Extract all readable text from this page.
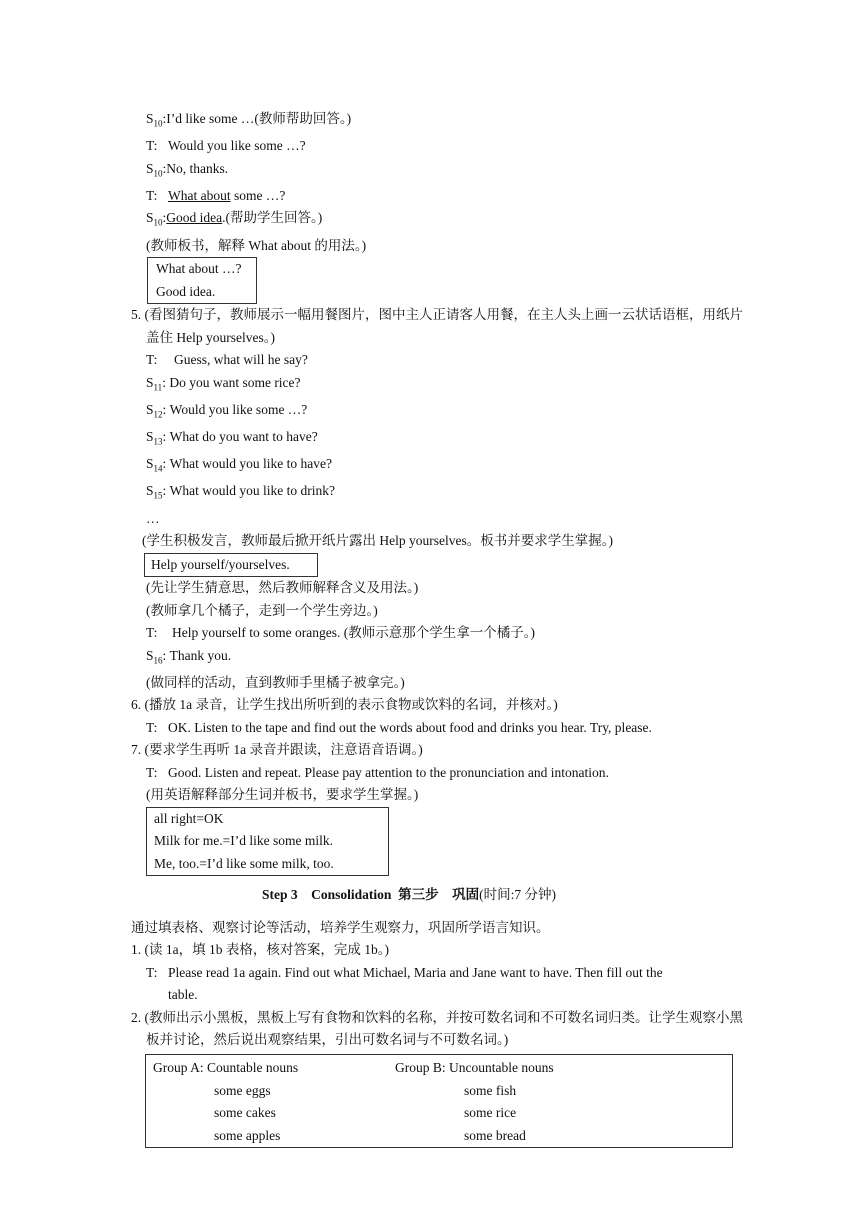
$S_{10}:I’d$ like some …(教师帮助回答。)
T: Would you like some …?
$S_{10}:No$, thanks.
T: What about some …?
$S_{10}:Good$ idea.(帮助学生回答。)
(教师板书，解释 What about 的用法。)
What about …?
Good idea.
5. (看图猜句子，教师展示一幅用餐图片，图中主人正请客人用餐，在主人头上画一云状话语框，用纸片盖住 Help yourselves。)
T: Guess, what will he say?
$S_{11}$: Do you want some rice?
$S_{12}$: Would you like some …?
$S_{13}$: What do you want to have?
$S_{14}$: What would you like to have?
$S_{15}$: What would you like to drink?
…
(学生积极发言，教师最后掀开纸片露出 Help yourselves。板书并要求学生掌握。)
Help yourself/yourselves.
(先让学生猜意思，然后教师解释含义及用法。)
(教师拿几个橘子，走到一个学生旁边。)
T: Help yourself to some oranges. (教师示意那个学生拿一个橘子。)
$S_{16}$: Thank you.
(做同样的活动，直到教师手里橘子被拿完。)
6. (播放 1a 录音，让学生找出所听到的表示食物或饮料的名词，并核对。)
T: OK. Listen to the tape and find out the words about food and drinks you hear. Try, please.
7. (要求学生再听 1a 录音并跟读，注意语音语调。)
T: Good. Listen and repeat. Please pay attention to the pronunciation and intonation.
(用英语解释部分生词并板书，要求学生掌握。)
all right=OK
Milk for me.=I’d like some milk.
Me, too.=I’d like some milk, too.
Step 3    Consolidation  第三步    巩固(时间:7 分钟)
通过填表格、观察讨论等活动，培养学生观察力，巩固所学语言知识。
1. (读 1a，填 1b 表格，核对答案，完成 1b。)
T: Please read 1a again. Find out what Michael, Maria and Jane want to have. Then fill out the
table.
2. (教师出示小黑板，黑板上写有食物和饮料的名称，并按可数名词和不可数名词归类。让学生观察小黑板并讨论，然后说出观察结果，引出可数名词与不可数名词。)
Group A: Countable nouns	Group B: Uncountable nouns
some eggs
some cakes
some apples
some fish
some rice
some bread
